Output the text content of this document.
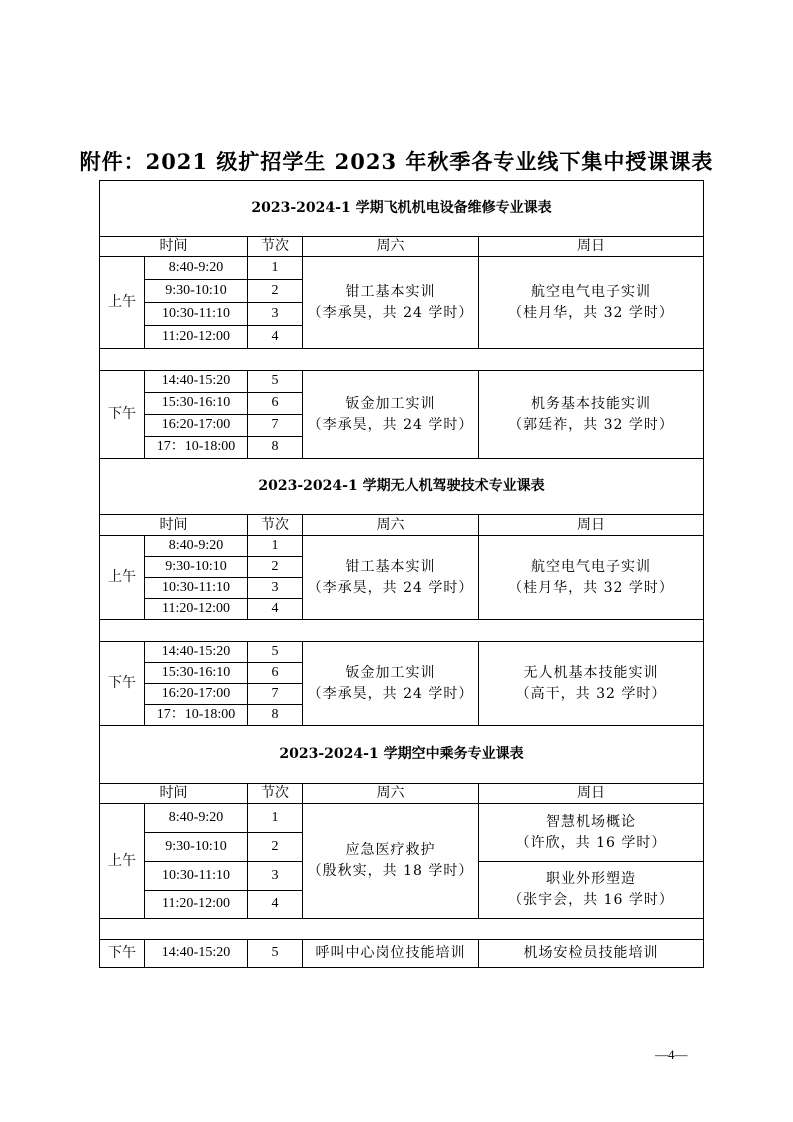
附件：2021 级扩招学生 2023 年秋季各专业线下集中授课课表
2023-2024-1 学期飞机机电设备维修专业课表				
时间		节次	周六	周日
上午	8:40-9:20	1	钳工基本实训
（李承昊，共 24 学时）	航空电气电子实训
（桂月华，共 32 学时）

	9:30-10:10	2		
	10:30-11:10	3		
	11:20-12:00	4		

下午	14:40-15:20	5	钣金加工实训
（李承昊，共 24 学时）	机务基本技能实训
（郭廷祚，共 32 学时）

	15:30-16:10	6		
	16:20-17:00	7		
	17：10-18:00	8		
2023-2024-1 学期无人机驾驶技术专业课表				
时间		节次	周六	周日
上午	8:40-9:20	1	钳工基本实训
（李承昊，共 24 学时）	航空电气电子实训
（桂月华，共 32 学时）

	9:30-10:10	2		
	10:30-11:10	3		
	11:20-12:00	4		

下午	14:40-15:20	5	钣金加工实训
（李承昊，共 24 学时）	无人机基本技能实训
（高干，共 32 学时）

	15:30-16:10	6		
	16:20-17:00	7		
	17：10-18:00	8		
2023-2024-1 学期空中乘务专业课表				
时间		节次	周六	周日
上午	8:40-9:20	1	应急医疗救护
（殷秋实，共 18 学时）	智慧机场概论
（许欣，共 16 学时）

	9:30-10:10	2		
	10:30-11:10	3		职业外形塑造
（张宇会，共 16 学时）

	11:20-12:00	4		

下午	14:40-15:20	5	呼叫中心岗位技能培训	机场安检员技能培训
—4—
